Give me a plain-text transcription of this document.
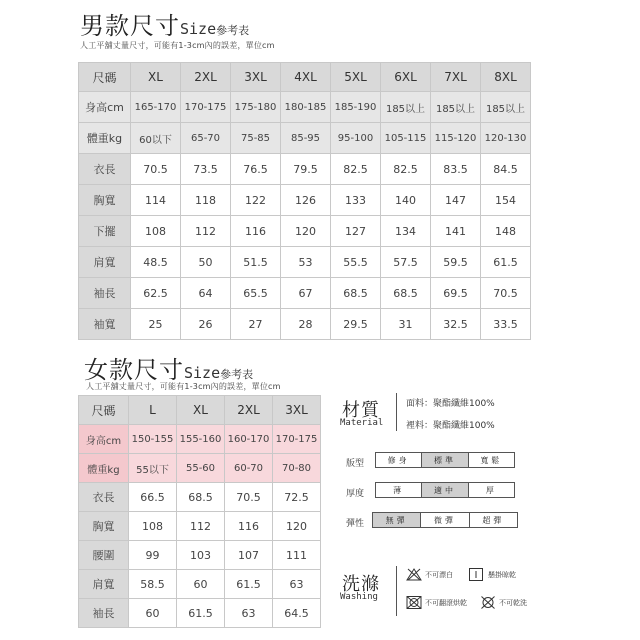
男款尺寸Size參考表
人工平舖丈量尺寸，可能有1-3cm內的誤差，單位cm
尺碼	XL	2XL	3XL	4XL	5XL	6XL	7XL	8XL
身高cm	165-170	170-175	175-180	180-185	185-190	185以上	185以上	185以上
體重kg	60以下	65-70	75-85	85-95	95-100	105-115	115-120	120-130
衣長	70.5	73.5	76.5	79.5	82.5	82.5	83.5	84.5
胸寬	114	118	122	126	133	140	147	154
下擺	108	112	116	120	127	134	141	148
肩寬	48.5	50	51.5	53	55.5	57.5	59.5	61.5
袖長	62.5	64	65.5	67	68.5	68.5	69.5	70.5
袖寬	25	26	27	28	29.5	31	32.5	33.5
女款尺寸Size參考表
人工平舖丈量尺寸，可能有1-3cm內的誤差，單位cm
尺碼	L	XL	2XL	3XL
身高cm	150-155	155-160	160-170	170-175
體重kg	55以下	55-60	60-70	70-80
衣長	66.5	68.5	70.5	72.5
胸寬	108	112	116	120
腰圍	99	103	107	111
肩寬	58.5	60	61.5	63
袖長	60	61.5	63	64.5
材質
Material
面料：聚酯纖維100%
裡料：聚酯纖維100%
版型	修身	標準	寬鬆
厚度	薄	適中	厚
彈性	無彈	微彈	超彈
洗滌
Washing
不可漂白	懸掛晾乾
不可翻滾烘乾	不可乾洗
